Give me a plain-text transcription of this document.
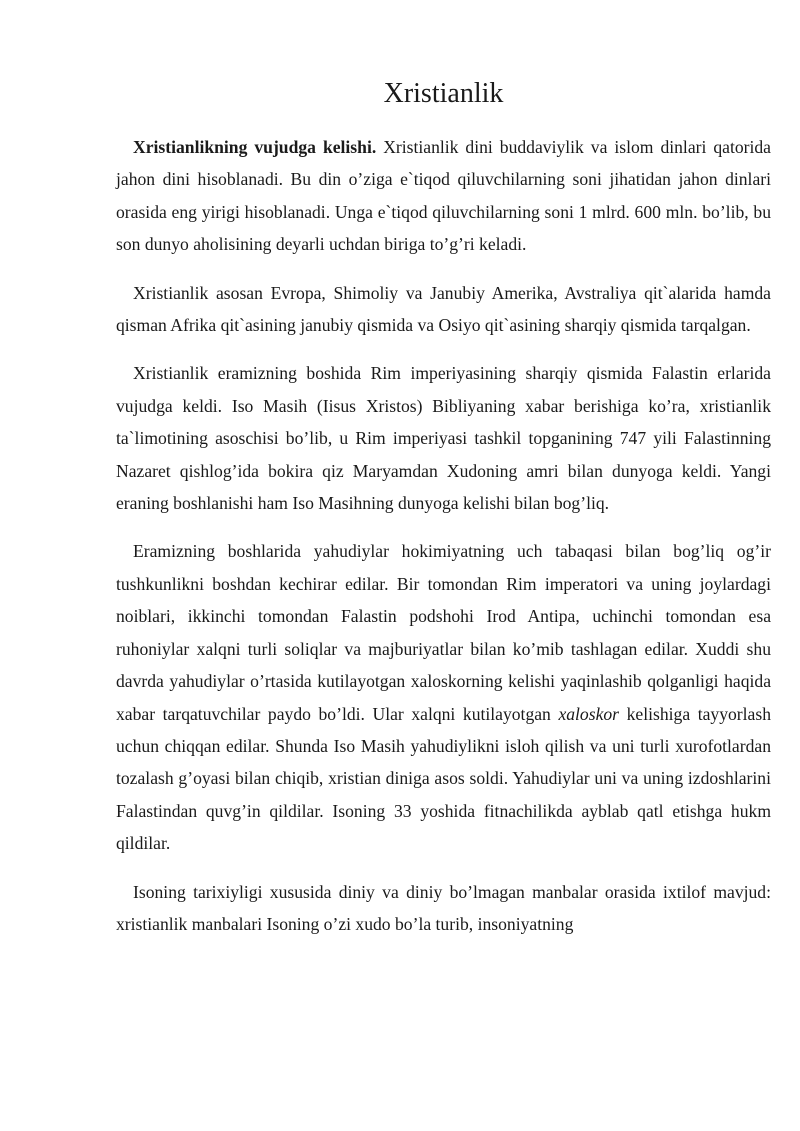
Xristianlik

Xristianlikning vujudga kelishi. Xristianlik dini buddaviylik va islom dinlari qatorida jahon dini hisoblanadi. Bu din o’ziga e`tiqod qiluvchilarning soni jihatidan jahon dinlari orasida eng yirigi hisoblanadi. Unga e`tiqod qiluvchilarning soni 1 mlrd. 600 mln. bo’lib, bu son dunyo aholisining deyarli uchdan biriga to’g’ri keladi.

Xristianlik asosan Evropa, Shimoliy va Janubiy Amerika, Avstraliya qit`alarida hamda qisman Afrika qit`asining janubiy qismida va Osiyo qit`asining sharqiy qismida tarqalgan.

Xristianlik eramizning boshida Rim imperiyasining sharqiy qismida Falastin erlarida vujudga keldi. Iso Masih (Iisus Xristos) Bibliyaning xabar berishiga ko’ra, xristianlik ta`limotining asoschisi bo’lib, u Rim imperiyasi tashkil topganining 747 yili Falastinning Nazaret qishlog’ida bokira qiz Maryamdan Xudoning amri bilan dunyoga keldi. Yangi eraning boshlanishi ham Iso Masihning dunyoga kelishi bilan bog’liq.

Eramizning boshlarida yahudiylar hokimiyatning uch tabaqasi bilan bog’liq og’ir tushkunlikni boshdan kechirar edilar. Bir tomondan Rim imperatori va uning joylardagi noiblari, ikkinchi tomondan Falastin podshohi Irod Antipa, uchinchi tomondan esa ruhoniylar xalqni turli soliqlar va majburiyatlar bilan ko’mib tashlagan edilar. Xuddi shu davrda yahudiylar o’rtasida kutilayotgan xaloskorning kelishi yaqinlashib qolganligi haqida xabar tarqatuvchilar paydo bo’ldi. Ular xalqni kutilayotgan xaloskor kelishiga tayyorlash uchun chiqqan edilar. Shunda Iso Masih yahudiylikni isloh qilish va uni turli xurofotlardan tozalash g’oyasi bilan chiqib, xristian diniga asos soldi. Yahudiylar uni va uning izdoshlarini Falastindan quvg’in qildilar. Isoning 33 yoshida fitnachilikda ayblab qatl etishga hukm qildilar.

Isoning tarixiyligi xususida diniy va diniy bo’lmagan manbalar orasida ixtilof mavjud: xristianlik manbalari Isoning o’zi xudo bo’la turib, insoniyatning
